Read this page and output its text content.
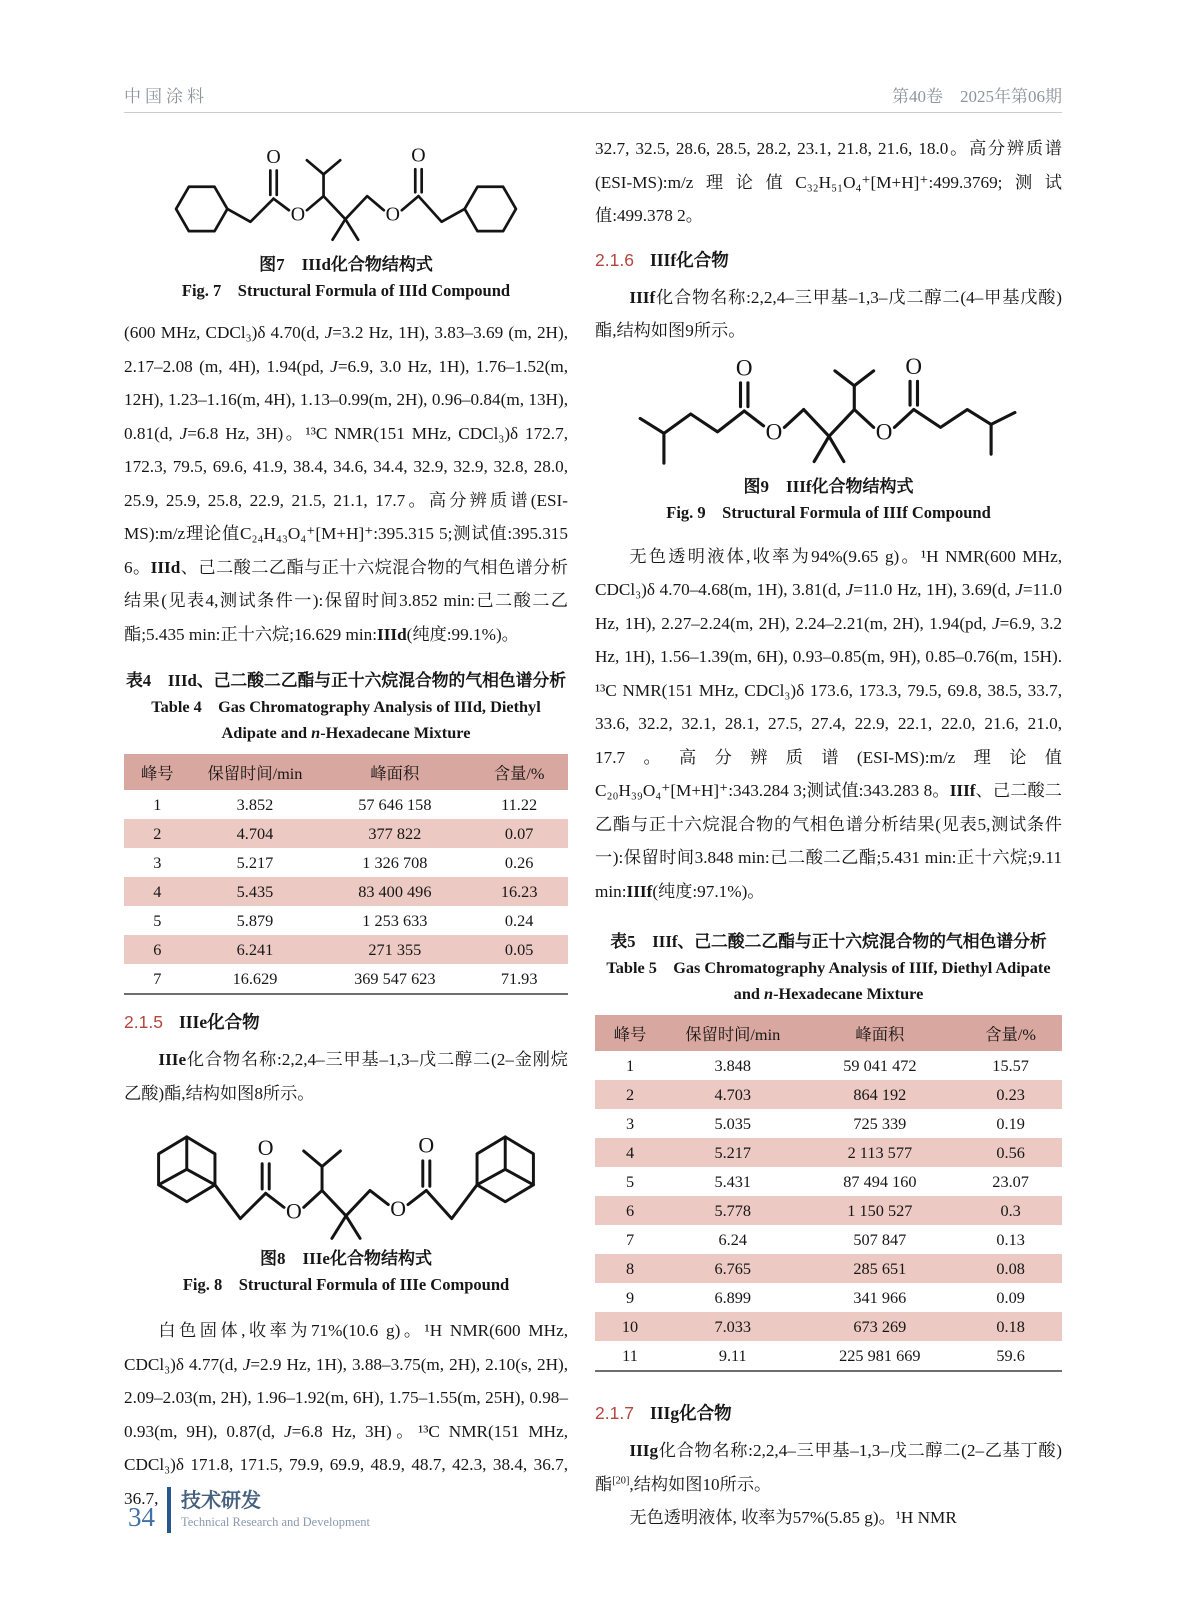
中国涂料	第40卷　2025年第06期
O
O	O
O
图7　IIId化合物结构式
Fig. 7　Structural Formula of IIId Compound

(600 MHz, CDCl₃)δ 4.70(d, J=3.2 Hz, 1H), 3.83–3.69 (m, 2H), 2.17–2.08 (m, 4H), 1.94(pd, J=6.9, 3.0 Hz, 1H), 1.76–1.52(m, 12H), 1.23–1.16(m, 4H), 1.13–0.99(m, 2H), 0.96–0.84(m, 13H), 0.81(d, J=6.8 Hz, 3H)。¹³C NMR(151 MHz, CDCl₃)δ 172.7, 172.3, 79.5, 69.6, 41.9, 38.4, 34.6, 34.4, 32.9, 32.9, 32.8, 28.0, 25.9, 25.9, 25.8, 22.9, 21.5, 21.1, 17.7。高分辨质谱(ESI-MS):m/z理论值C₂₄H₄₃O₄⁺[M+H]⁺:395.315 5;测试值:395.315 6。IIId、己二酸二乙酯与正十六烷混合物的气相色谱分析结果(见表4,测试条件一):保留时间3.852 min:己二酸二乙酯;5.435 min:正十六烷;16.629 min:IIId(纯度:99.1%)。

表4　IIId、己二酸二乙酯与正十六烷混合物的气相色谱分析
Table 4　Gas Chromatography Analysis of IIId, Diethyl Adipate and n-Hexadecane Mixture
峰号	保留时间/min	峰面积	含量/%
1	3.852	57 646 158	11.22
2	4.704	377 822	0.07
3	5.217	1 326 708	0.26
4	5.435	83 400 496	16.23
5	5.879	1 253 633	0.24
6	6.241	271 355	0.05
7	16.629	369 547 623	71.93
2.1.5 IIIe化合物

IIIe化合物名称:2,2,4–三甲基–1,3–戊二醇二(2–金刚烷乙酸)酯,结构如图8所示。

O
O	O
O
图8　IIIe化合物结构式
Fig. 8　Structural Formula of IIIe Compound

白色固体,收率为71%(10.6 g)。¹H NMR(600 MHz, CDCl₃)δ 4.77(d, J=2.9 Hz, 1H), 3.88–3.75(m, 2H), 2.10(s, 2H), 2.09–2.03(m, 2H), 1.96–1.92(m, 6H), 1.75–1.55(m, 25H), 0.98–0.93(m, 9H), 0.87(d, J=6.8 Hz, 3H)。¹³C NMR(151 MHz, CDCl₃)δ 171.8, 171.5, 79.9, 69.9, 48.9, 48.7, 42.3, 38.4, 36.7, 36.7,

32.7, 32.5, 28.6, 28.5, 28.2, 23.1, 21.8, 21.6, 18.0。高分辨质谱(ESI-MS):m/z理论值C₃₂H₅₁O₄⁺[M+H]⁺:499.3769;测试值:499.378 2。

2.1.6 IIIf化合物

IIIf化合物名称:2,2,4–三甲基–1,3–戊二醇二(4–甲基戊酸)酯,结构如图9所示。

O
O	O
O
图9　IIIf化合物结构式
Fig. 9　Structural Formula of IIIf Compound

无色透明液体,收率为94%(9.65 g)。¹H NMR(600 MHz, CDCl₃)δ 4.70–4.68(m, 1H), 3.81(d, J=11.0 Hz, 1H), 3.69(d, J=11.0 Hz, 1H), 2.27–2.24(m, 2H), 2.24–2.21(m, 2H), 1.94(pd, J=6.9, 3.2 Hz, 1H), 1.56–1.39(m, 6H), 0.93–0.85(m, 9H), 0.85–0.76(m, 15H). ¹³C NMR(151 MHz, CDCl₃)δ 173.6, 173.3, 79.5, 69.8, 38.5, 33.7, 33.6, 32.2, 32.1, 28.1, 27.5, 27.4, 22.9, 22.1, 22.0, 21.6, 21.0, 17.7。高分辨质谱(ESI-MS):m/z理论值C₂₀H₃₉O₄⁺[M+H]⁺:343.284 3;测试值:343.283 8。IIIf、己二酸二乙酯与正十六烷混合物的气相色谱分析结果(见表5,测试条件一):保留时间3.848 min:己二酸二乙酯;5.431 min:正十六烷;9.11 min:IIIf(纯度:97.1%)。

表5　IIIf、己二酸二乙酯与正十六烷混合物的气相色谱分析
Table 5　Gas Chromatography Analysis of IIIf, Diethyl Adipate and n-Hexadecane Mixture
峰号	保留时间/min	峰面积	含量/%
1	3.848	59 041 472	15.57
2	4.703	864 192	0.23
3	5.035	725 339	0.19
4	5.217	2 113 577	0.56
5	5.431	87 494 160	23.07
6	5.778	1 150 527	0.3
7	6.24	507 847	0.13
8	6.765	285 651	0.08
9	6.899	341 966	0.09
10	7.033	673 269	0.18
11	9.11	225 981 669	59.6
2.1.7 IIIg化合物

IIIg化合物名称:2,2,4–三甲基–1,3–戊二醇二(2–乙基丁酸)酯[20],结构如图10所示。

无色透明液体, 收率为57%(5.85 g)。¹H NMR

34
技术研发
Technical Research and Development
